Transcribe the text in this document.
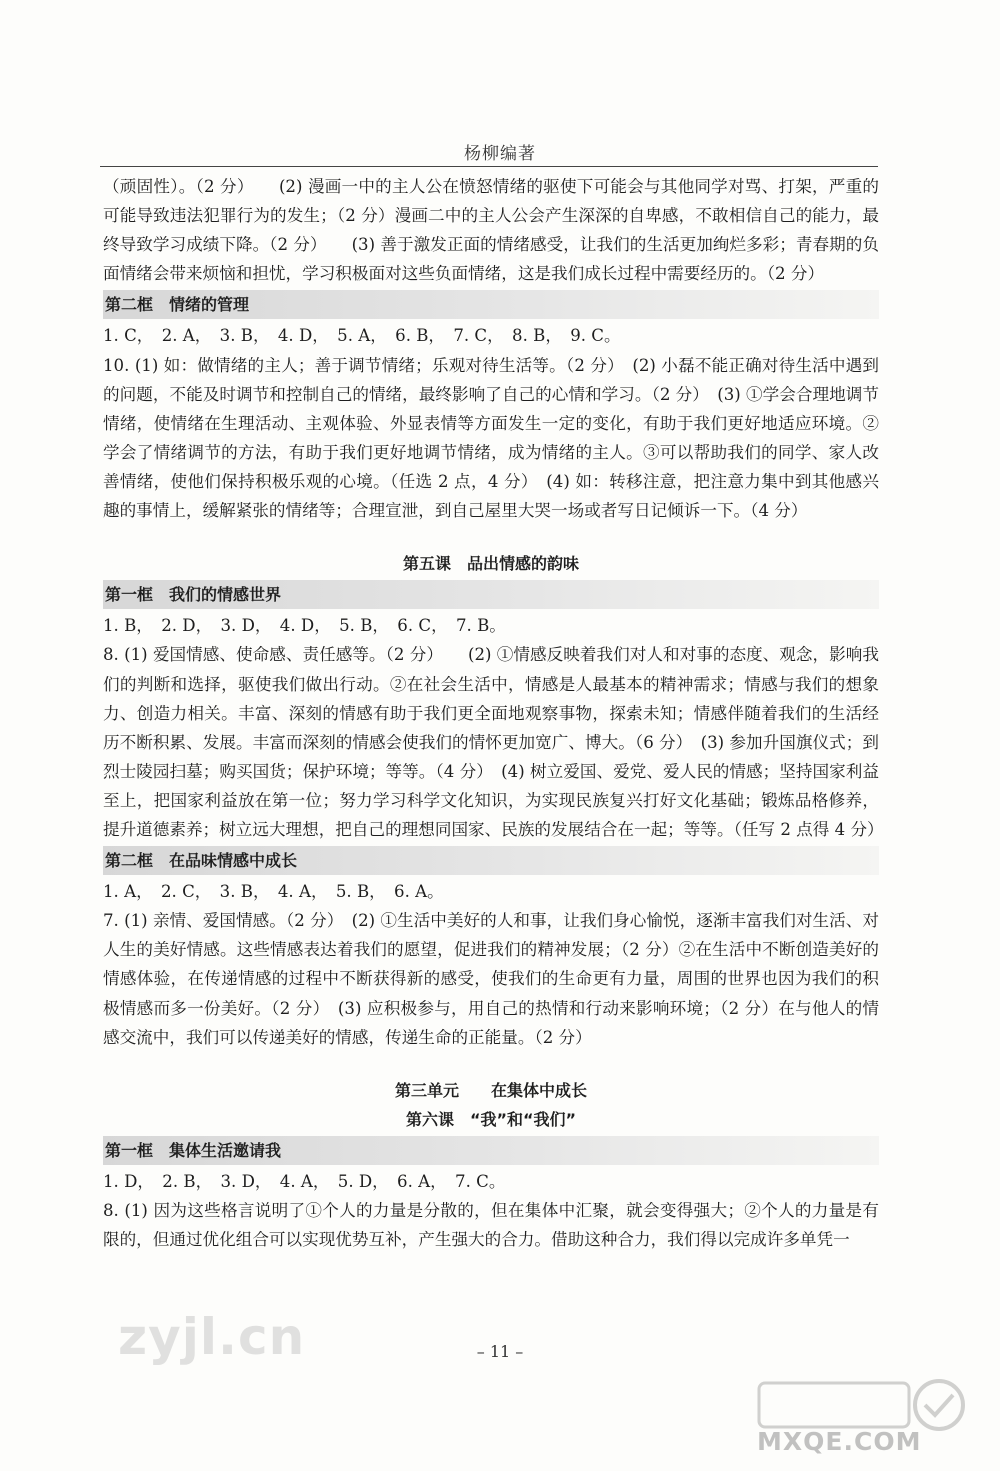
杨柳编著

（顽固性）。（2 分）　　(2) 漫画一中的主人公在愤怒情绪的驱使下可能会与其他同学对骂、打架，严重的可能导致违法犯罪行为的发生；（2 分）漫画二中的主人公会产生深深的自卑感，不敢相信自己的能力，最终导致学习成绩下降。（2 分）　　(3) 善于激发正面的情绪感受，让我们的生活更加绚烂多彩；青春期的负面情绪会带来烦恼和担忧，学习积极面对这些负面情绪，这是我们成长过程中需要经历的。（2 分）

第二框　情绪的管理

1. C，　2. A，　3. B，　4. D，　5. A，　6. B，　7. C，　8. B，　9. C。

10. (1) 如：做情绪的主人；善于调节情绪；乐观对待生活等。（2 分）　(2) 小磊不能正确对待生活中遇到的问题，不能及时调节和控制自己的情绪，最终影响了自己的心情和学习。（2 分）　(3) ①学会合理地调节情绪，使情绪在生理活动、主观体验、外显表情等方面发生一定的变化，有助于我们更好地适应环境。②学会了情绪调节的方法，有助于我们更好地调节情绪，成为情绪的主人。③可以帮助我们的同学、家人改善情绪，使他们保持积极乐观的心境。（任选 2 点，4 分）　(4) 如：转移注意，把注意力集中到其他感兴趣的事情上，缓解紧张的情绪等；合理宣泄，到自己屋里大哭一场或者写日记倾诉一下。（4 分）

第五课　品出情感的韵味

第一框　我们的情感世界

1. B，　2. D，　3. D，　4. D，　5. B，　6. C，　7. B。

8. (1) 爱国情感、使命感、责任感等。（2 分）　　(2) ①情感反映着我们对人和对事的态度、观念，影响我们的判断和选择，驱使我们做出行动。②在社会生活中，情感是人最基本的精神需求；情感与我们的想象力、创造力相关。丰富、深刻的情感有助于我们更全面地观察事物，探索未知；情感伴随着我们的生活经历不断积累、发展。丰富而深刻的情感会使我们的情怀更加宽广、博大。（6 分）　(3) 参加升国旗仪式；到烈士陵园扫墓；购买国货；保护环境；等等。（4 分）　(4) 树立爱国、爱党、爱人民的情感；坚持国家利益至上，把国家利益放在第一位；努力学习科学文化知识，为实现民族复兴打好文化基础；锻炼品格修养，提升道德素养；树立远大理想，把自己的理想同国家、民族的发展结合在一起；等等。（任写 2 点得 4 分）

第二框　在品味情感中成长

1. A，　2. C，　3. B，　4. A，　5. B，　6. A。

7. (1) 亲情、爱国情感。（2 分）　(2) ①生活中美好的人和事，让我们身心愉悦，逐渐丰富我们对生活、对人生的美好情感。这些情感表达着我们的愿望，促进我们的精神发展；（2 分）②在生活中不断创造美好的情感体验，在传递情感的过程中不断获得新的感受，使我们的生命更有力量，周围的世界也因为我们的积极情感而多一份美好。（2 分）　(3) 应积极参与，用自己的热情和行动来影响环境；（2 分）在与他人的情感交流中，我们可以传递美好的情感，传递生命的正能量。（2 分）

第三单元　　在集体中成长

第六课　“我”和“我们”

第一框　集体生活邀请我

1. D，　2. B，　3. D，　4. A，　5. D，　6. A，　7. C。

8. (1) 因为这些格言说明了①个人的力量是分散的，但在集体中汇聚，就会变得强大；②个人的力量是有限的，但通过优化组合可以实现优势互补，产生强大的合力。借助这种合力，我们得以完成许多单凭一

– 11 –
zyjl.cn
MXQE.COM
